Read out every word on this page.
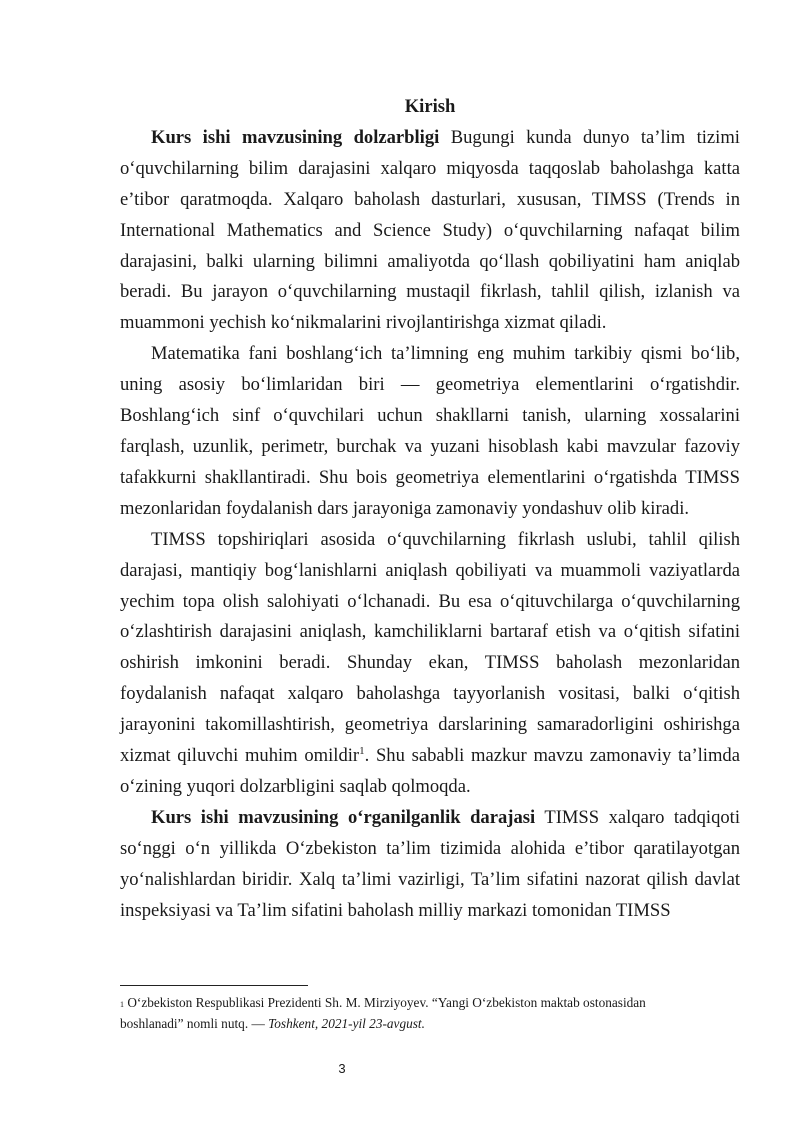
Kirish

Kurs ishi mavzusining dolzarbligi Bugungi kunda dunyo ta’lim tizimi o‘quvchilarning bilim darajasini xalqaro miqyosda taqqoslab baholashga katta e’tibor qaratmoqda. Xalqaro baholash dasturlari, xususan, TIMSS (Trends in International Mathematics and Science Study) o‘quvchilarning nafaqat bilim darajasini, balki ularning bilimni amaliyotda qo‘llash qobiliyatini ham aniqlab beradi. Bu jarayon o‘quvchilarning mustaqil fikrlash, tahlil qilish, izlanish va muammoni yechish ko‘nikmalarini rivojlantirishga xizmat qiladi.

Matematika fani boshlang‘ich ta’limning eng muhim tarkibiy qismi bo‘lib, uning asosiy bo‘limlaridan biri — geometriya elementlarini o‘rgatishdir. Boshlang‘ich sinf o‘quvchilari uchun shakllarni tanish, ularning xossalarini farqlash, uzunlik, perimetr, burchak va yuzani hisoblash kabi mavzular fazoviy tafakkurni shakllantiradi. Shu bois geometriya elementlarini o‘rgatishda TIMSS mezonlaridan foydalanish dars jarayoniga zamonaviy yondashuv olib kiradi.

TIMSS topshiriqlari asosida o‘quvchilarning fikrlash uslubi, tahlil qilish darajasi, mantiqiy bog‘lanishlarni aniqlash qobiliyati va muammoli vaziyatlarda yechim topa olish salohiyati o‘lchanadi. Bu esa o‘qituvchilarga o‘quvchilarning o‘zlashtirish darajasini aniqlash, kamchiliklarni bartaraf etish va o‘qitish sifatini oshirish imkonini beradi. Shunday ekan, TIMSS baholash mezonlaridan foydalanish nafaqat xalqaro baholashga tayyorlanish vositasi, balki o‘qitish jarayonini takomillashtirish, geometriya darslarining samaradorligini oshirishga xizmat qiluvchi muhim omildir$^1$. Shu sababli mazkur mavzu zamonaviy ta’limda o‘zining yuqori dolzarbligini saqlab qolmoqda.

Kurs ishi mavzusining o‘rganilganlik darajasi TIMSS xalqaro tadqiqoti so‘nggi o‘n yillikda O‘zbekiston ta’lim tizimida alohida e’tibor qaratilayotgan yo‘nalishlardan biridir. Xalq ta’limi vazirligi, Ta’lim sifatini nazorat qilish davlat inspeksiyasi va Ta’lim sifatini baholash milliy markazi tomonidan TIMSS

$^1$ O‘zbekiston Respublikasi Prezidenti Sh. M. Mirziyoyev. “Yangi O‘zbekiston maktab ostonasidan boshlanadi” nomli nutq. — Toshkent, 2021-yil 23-avgust.
3
